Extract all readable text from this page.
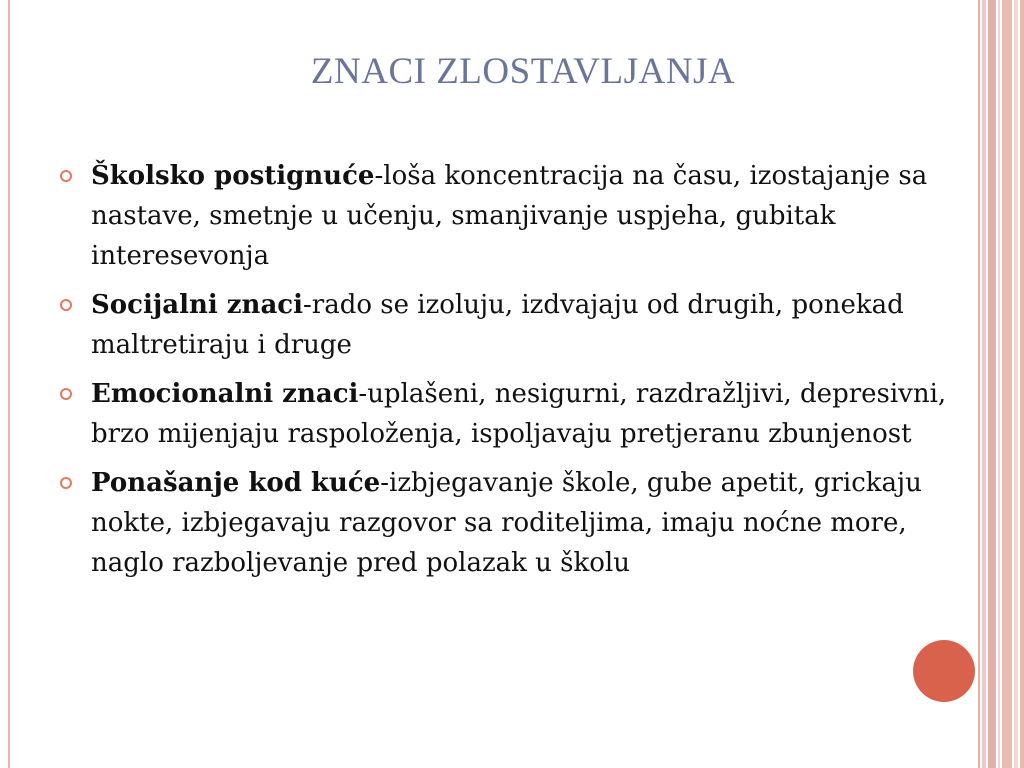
ZNACI ZLOSTAVLJANJA
Školsko postignuće-loša koncentracija na času, izostajanje sa nastave, smetnje u učenju, smanjivanje uspjeha, gubitak interesevonja
Socijalni znaci-rado se izoluju, izdvajaju od drugih, ponekad maltretiraju i druge
Emocionalni znaci-uplašeni, nesigurni, razdražljivi, depresivni, brzo mijenjaju raspoloženja, ispoljavaju pretjeranu zbunjenost
Ponašanje kod kuće-izbjegavanje škole, gube apetit, grickaju nokte, izbjegavaju razgovor sa roditeljima, imaju noćne more, naglo razboljevanje pred polazak u školu
